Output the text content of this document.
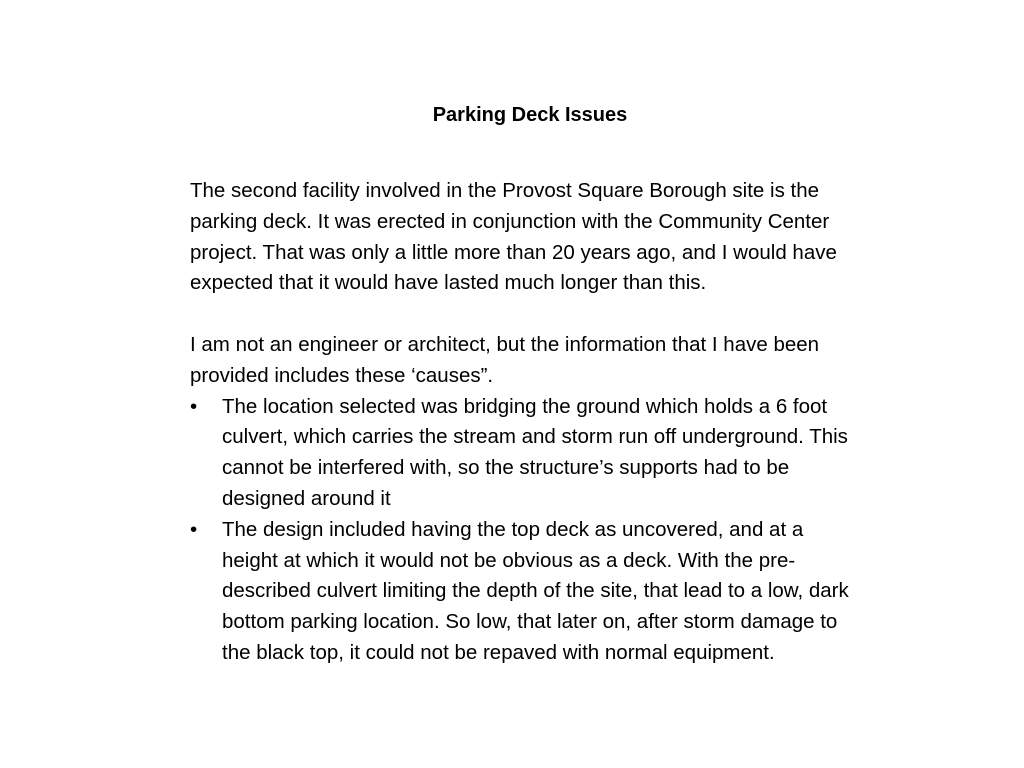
Parking Deck Issues

The second facility involved in the Provost Square Borough site is the parking deck. It was erected in conjunction with the Community Center project. That was only a little more than 20 years ago, and I would have expected that it would have lasted much longer than this.

I am not an engineer or architect, but the information that I have been provided includes these ‘causes”.

•	The location selected was bridging the ground which holds a 6 foot culvert, which carries the stream and storm run off underground. This cannot be interfered with, so the structure’s supports had to be designed around it
•	The design included having the top deck as uncovered, and at a height at which it would not be obvious as a deck. With the pre-described culvert limiting the depth of the site, that lead to a low, dark bottom parking location. So low, that later on, after storm damage to the black top, it could not be repaved with normal equipment.
